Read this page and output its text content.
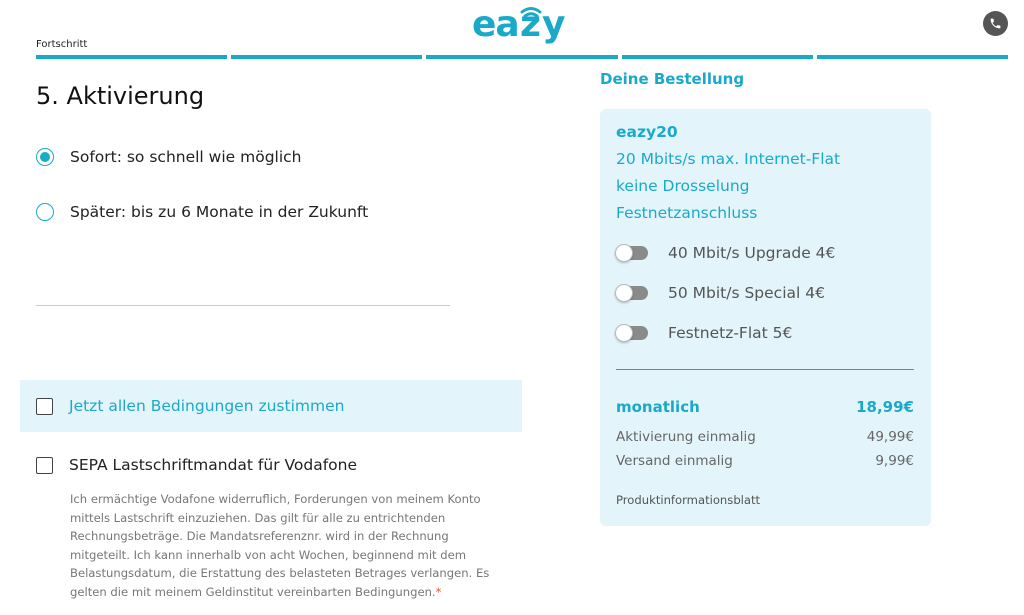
Fortschritt	ea z y
5. Aktivierung
Sofort: so schnell wie möglich
Später: bis zu 6 Monate in der Zukunft
Jetzt allen Bedingungen zustimmen
SEPA Lastschriftmandat für Vodafone

Ich ermächtige Vodafone widerruflich, Forderungen von meinem Konto mittels Lastschrift einzuziehen. Das gilt für alle zu entrichtenden Rechnungsbeträge. Die Mandatsreferenznr. wird in der Rechnung mitgeteilt. Ich kann innerhalb von acht Wochen, beginnend mit dem Belastungsdatum, die Erstattung des belasteten Betrages verlangen. Es gelten die mit meinem Geldinstitut vereinbarten Bedingungen.*

Deine Bestellung
eazy20
20 Mbits/s max. Internet-Flat
keine Drosselung
Festnetzanschluss
40 Mbit/s Upgrade 4€
50 Mbit/s Special 4€
Festnetz-Flat 5€
monatlich	18,99€
Aktivierung einmalig	49,99€
Versand einmalig	9,99€
Produktinformationsblatt
